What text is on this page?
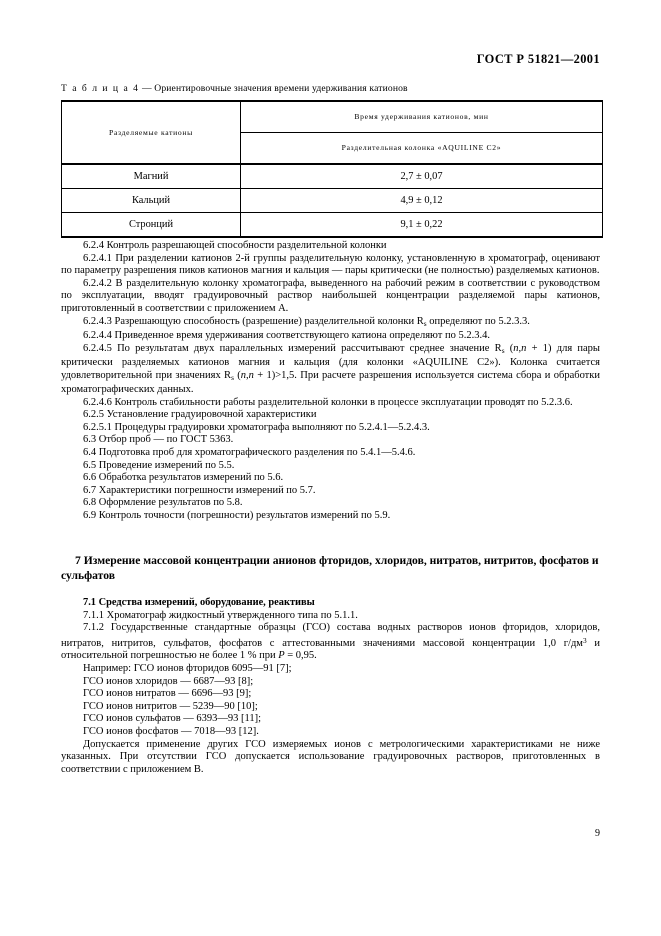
ГОСТ Р 51821—2001
Т а б л и ц а 4 — Ориентировочные значения времени удерживания катионов
Разделяемые катионы	Время удерживания катионов, мин
	Разделительная колонка «AQUILINE C2»
Магний	2,7 ± 0,07
Кальций	4,9 ± 0,12
Стронций	9,1 ± 0,22

6.2.4 Контроль разрешающей способности разделительной колонки

6.2.4.1 При разделении катионов 2-й группы разделительную колонку, установленную в хроматограф, оценивают по параметру разрешения пиков катионов магния и кальция — пары критически (не полностью) разделяемых катионов.

6.2.4.2 В разделительную колонку хроматографа, выведенного на рабочий режим в соответствии с руководством по эксплуатации, вводят градуировочный раствор наибольшей концентрации разделяемой пары катионов, приготовленный в соответствии с приложением А.

6.2.4.3 Разрешающую способность (разрешение) разделительной колонки $R_s$ определяют по 5.2.3.3.

6.2.4.4 Приведенное время удерживания соответствующего катиона определяют по 5.2.3.4.

6.2.4.5 По результатам двух параллельных измерений рассчитывают среднее значение $R_s$ (n,n + 1) для пары критически разделяемых катионов магния и кальция (для колонки «AQUILINE C2»). Колонка считается удовлетворительной при значениях $R_s$ (n,n + 1)>1,5. При расчете разрешения используется система сбора и обработки хроматографических данных.

6.2.4.6 Контроль стабильности работы разделительной колонки в процессе эксплуатации проводят по 5.2.3.6.

6.2.5 Установление градуировочной характеристики

6.2.5.1 Процедуры градуировки хроматографа выполняют по 5.2.4.1—5.2.4.3.

6.3 Отбор проб — по ГОСТ 5363.

6.4 Подготовка проб для хроматографического разделения по 5.4.1—5.4.6.

6.5 Проведение измерений по 5.5.

6.6 Обработка результатов измерений по 5.6.

6.7 Характеристики погрешности измерений по 5.7.

6.8 Оформление результатов по 5.8.

6.9 Контроль точности (погрешности) результатов измерений по 5.9.

7 Измерение массовой концентрации анионов фторидов, хлоридов, нитратов, нитритов, фосфатов и сульфатов
7.1 Средства измерений, оборудование, реактивы

7.1.1 Хроматограф жидкостный утвержденного типа по 5.1.1.

7.1.2 Государственные стандартные образцы (ГСО) состава водных растворов ионов фторидов, хлоридов, нитратов, нитритов, сульфатов, фосфатов с аттестованными значениями массовой концентрации 1,0 $г/дм^3$ и относительной погрешностью не более 1 % при P = 0,95.

Например: ГСО ионов фторидов 6095—91 [7];

ГСО ионов хлоридов — 6687—93 [8];

ГСО ионов нитратов — 6696—93 [9];

ГСО ионов нитритов — 5239—90 [10];

ГСО ионов сульфатов — 6393—93 [11];

ГСО ионов фосфатов — 7018—93 [12].

Допускается применение других ГСО измеряемых ионов с метрологическими характеристиками не ниже указанных. При отсутствии ГСО допускается использование градуировочных растворов, приготовленных в соответствии с приложением В.

9
